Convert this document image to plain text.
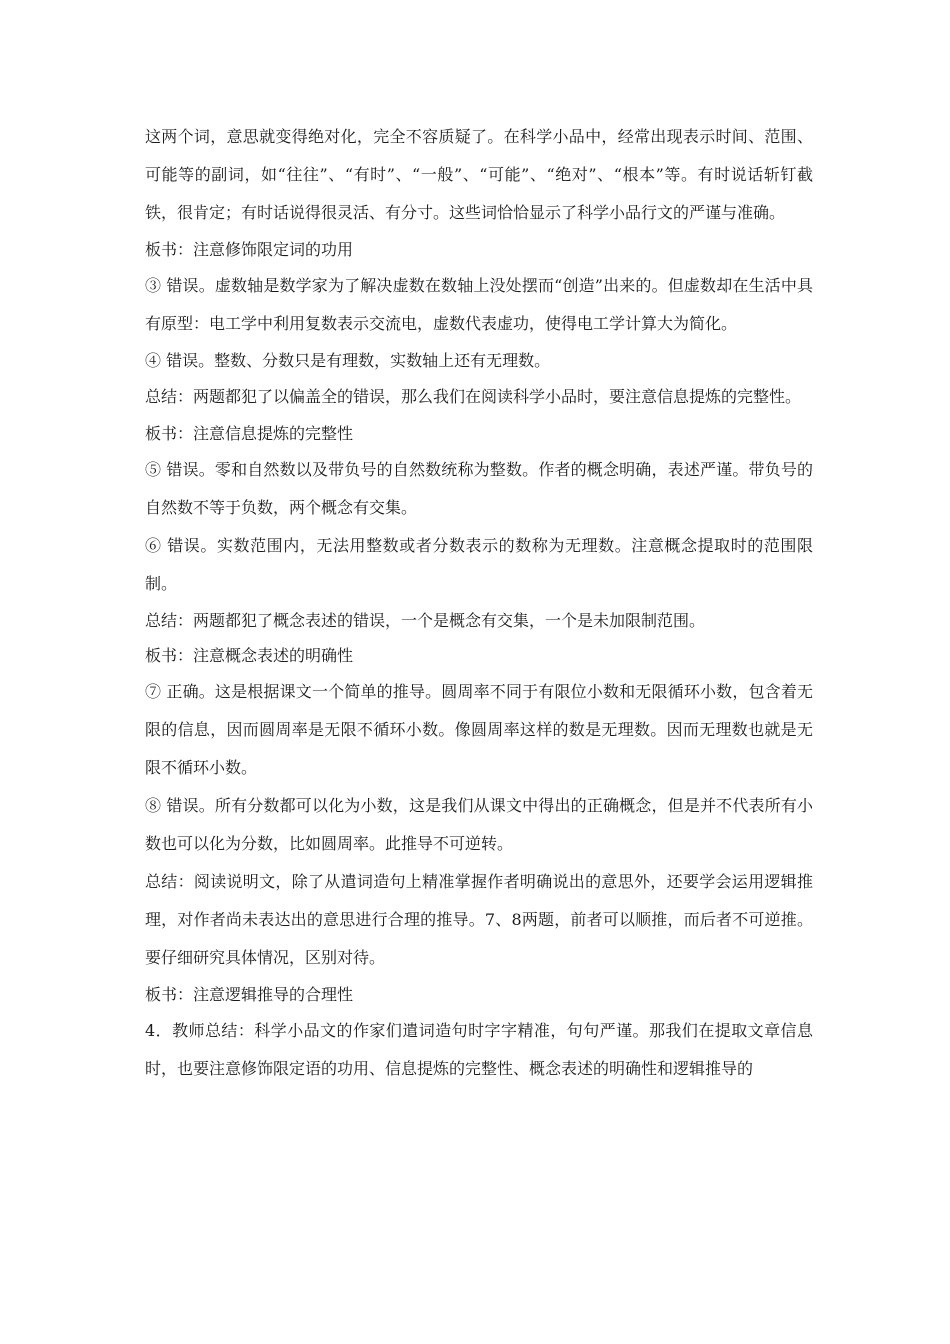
这两个词，意思就变得绝对化，完全不容质疑了。在科学小品中，经常出现表示时间、范围、可能等的副词，如“往往”、“有时”、“一般”、“可能”、“绝对”、“根本”等。有时说话斩钉截铁，很肯定；有时话说得很灵活、有分寸。这些词恰恰显示了科学小品行文的严谨与准确。

板书：注意修饰限定词的功用

③ 错误。虚数轴是数学家为了解决虚数在数轴上没处摆而“创造”出来的。但虚数却在生活中具有原型：电工学中利用复数表示交流电，虚数代表虚功，使得电工学计算大为简化。

④ 错误。整数、分数只是有理数，实数轴上还有无理数。

总结：两题都犯了以偏盖全的错误，那么我们在阅读科学小品时，要注意信息提炼的完整性。

板书：注意信息提炼的完整性

⑤ 错误。零和自然数以及带负号的自然数统称为整数。作者的概念明确，表述严谨。带负号的自然数不等于负数，两个概念有交集。

⑥ 错误。实数范围内，无法用整数或者分数表示的数称为无理数。注意概念提取时的范围限制。

总结：两题都犯了概念表述的错误，一个是概念有交集，一个是未加限制范围。

板书：注意概念表述的明确性

⑦ 正确。这是根据课文一个简单的推导。圆周率不同于有限位小数和无限循环小数，包含着无限的信息，因而圆周率是无限不循环小数。像圆周率这样的数是无理数。因而无理数也就是无限不循环小数。

⑧ 错误。所有分数都可以化为小数，这是我们从课文中得出的正确概念，但是并不代表所有小数也可以化为分数，比如圆周率。此推导不可逆转。

总结：阅读说明文，除了从遣词造句上精准掌握作者明确说出的意思外，还要学会运用逻辑推理，对作者尚未表达出的意思进行合理的推导。7、8两题，前者可以顺推，而后者不可逆推。要仔细研究具体情况，区别对待。

板书：注意逻辑推导的合理性

4．教师总结：科学小品文的作家们遣词造句时字字精准，句句严谨。那我们在提取文章信息时，也要注意修饰限定语的功用、信息提炼的完整性、概念表述的明确性和逻辑推导的
